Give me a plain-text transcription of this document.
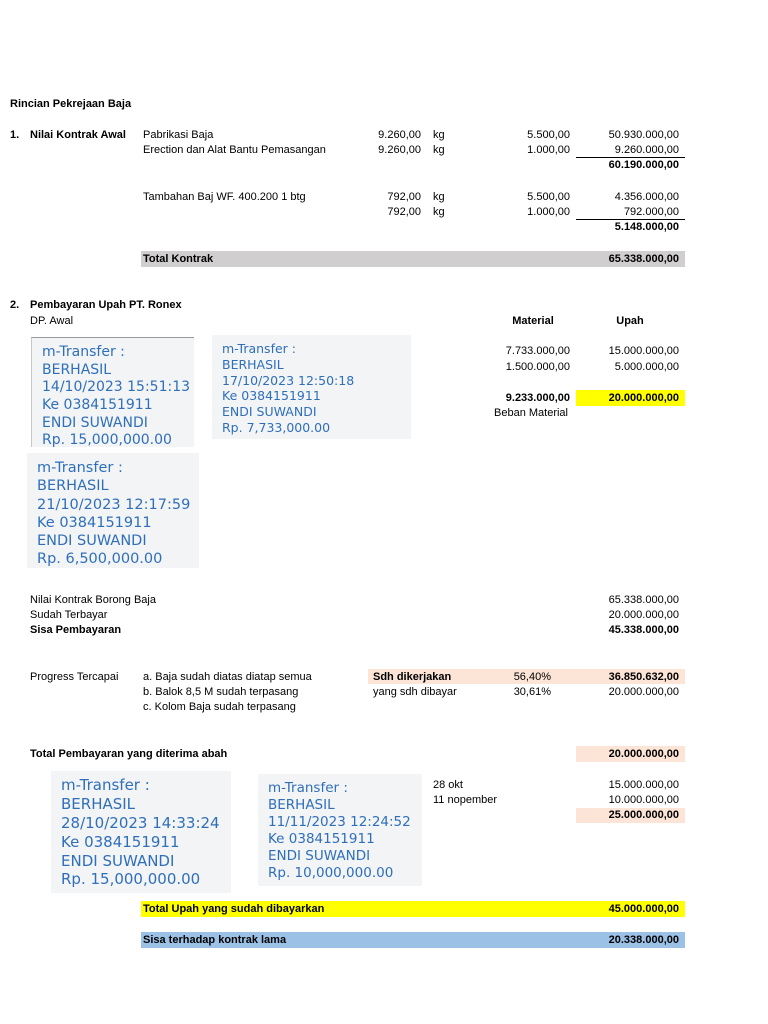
Rincian Pekrejaan Baja
1. Nilai Kontrak Awal Pabrikasi Baja	9.260,00 kg	5.500,00	50.930.000,00
Erection dan Alat Bantu Pemasangan	9.260,00 kg	1.000,00	9.260.000,00
60.190.000,00
Tambahan Baj WF. 400.200 1 btg	792,00 kg	5.500,00	4.356.000,00
792,00 kg	1.000,00	792.000,00
5.148.000,00
Total Kontrak	65.338.000,00
2. Pembayaran Upah PT. Ronex
DP. Awal	Material	Upah
7.733.000,00	15.000.000,00
1.500.000,00	5.000.000,00
9.233.000,00	20.000.000,00
Beban Material
m-Transfer :
BERHASIL
14/10/2023 15:51:13
Ke 0384151911
ENDI SUWANDI
Rp. 15,000,000.00
m-Transfer :
BERHASIL
17/10/2023 12:50:18
Ke 0384151911
ENDI SUWANDI
Rp. 7,733,000.00
m-Transfer :
BERHASIL
21/10/2023 12:17:59
Ke 0384151911
ENDI SUWANDI
Rp. 6,500,000.00
Nilai Kontrak Borong Baja	65.338.000,00
Sudah Terbayar	20.000.000,00
Sisa Pembayaran	45.338.000,00
Progress Tercapai a. Baja sudah diatas diatap semua
b. Balok 8,5 M sudah terpasang
c. Kolom Baja sudah terpasang
Sdh dikerjakan	56,40%	36.850.632,00
yang sdh dibayar	30,61%	20.000.000,00
Total Pembayaran yang diterima abah	20.000.000,00
28 okt	15.000.000,00
11 nopember	10.000.000,00
25.000.000,00
m-Transfer :
BERHASIL
28/10/2023 14:33:24
Ke 0384151911
ENDI SUWANDI
Rp. 15,000,000.00
m-Transfer :
BERHASIL
11/11/2023 12:24:52
Ke 0384151911
ENDI SUWANDI
Rp. 10,000,000.00
Total Upah yang sudah dibayarkan	45.000.000,00
Sisa terhadap kontrak lama	20.338.000,00
